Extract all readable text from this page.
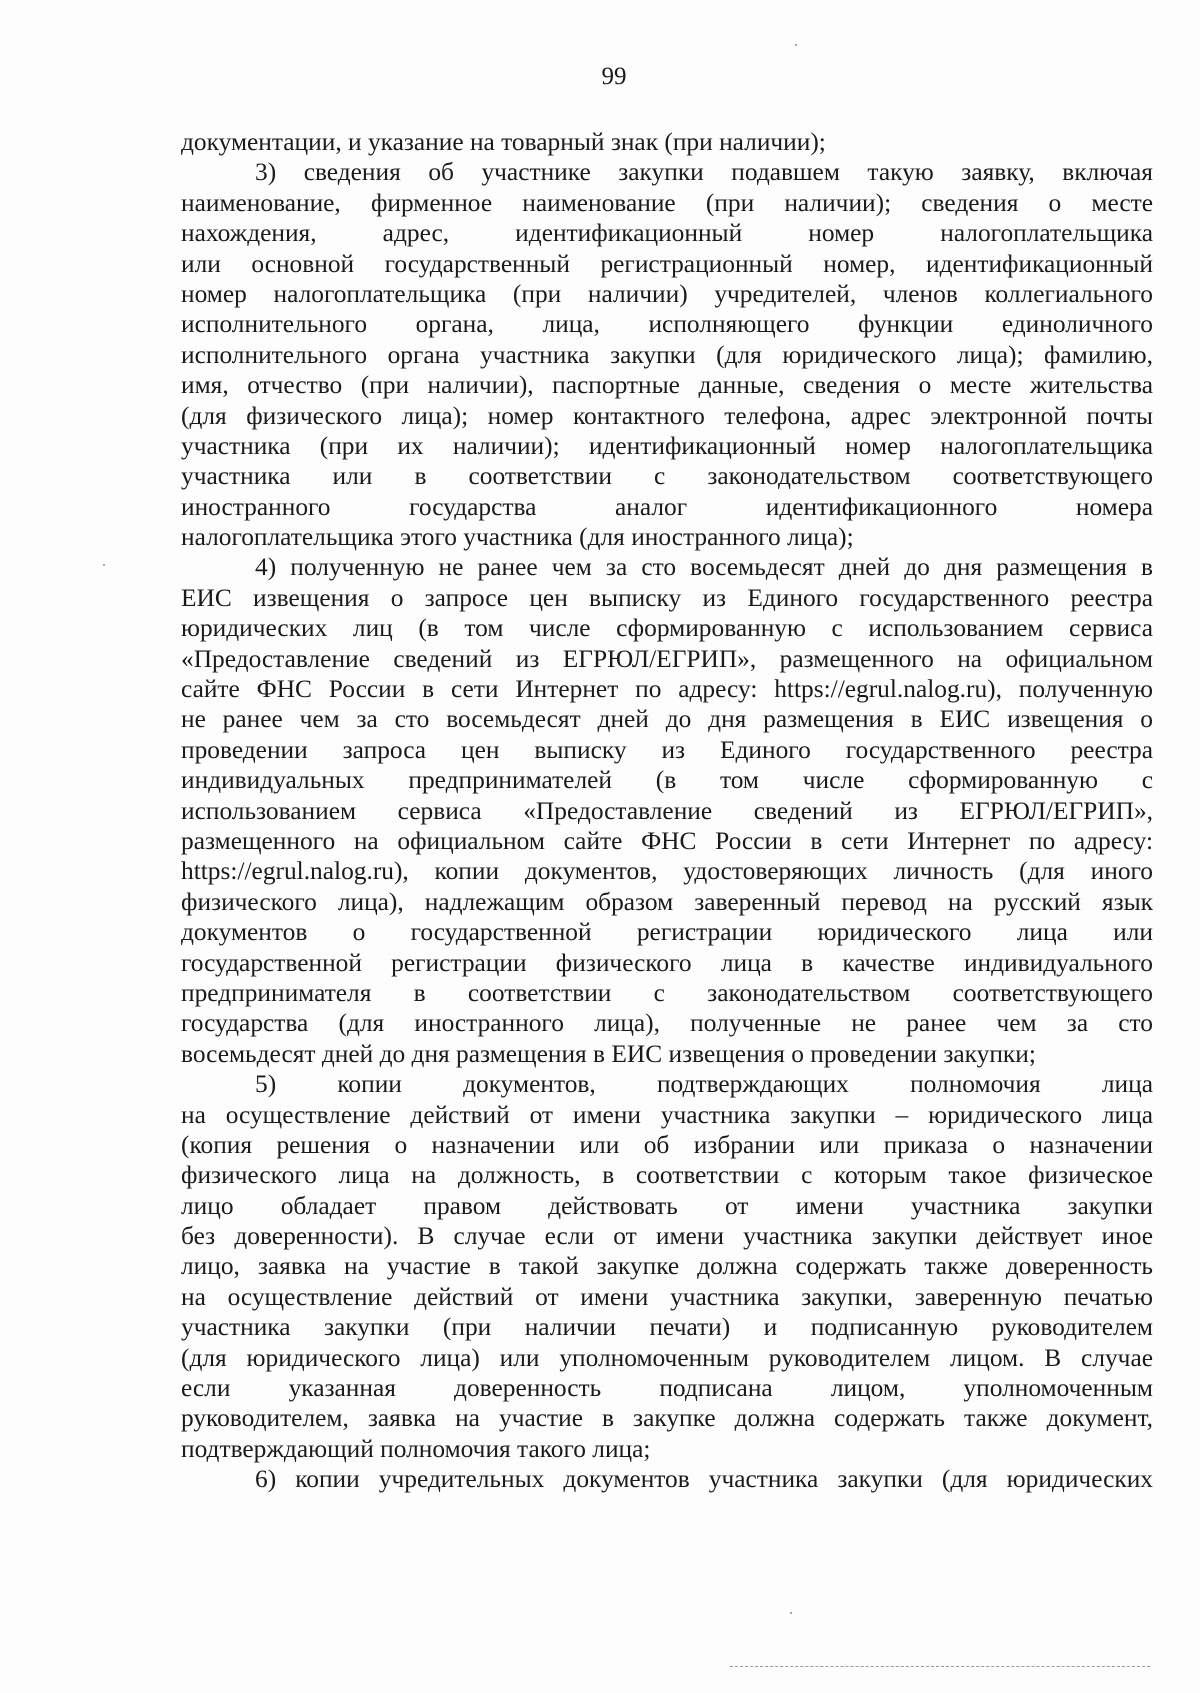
99
документации, и указание на товарный знак (при наличии);
3) сведения об участнике закупки подавшем такую заявку, включая
наименование, фирменное наименование (при наличии); сведения о месте
нахождения, адрес, идентификационный номер налогоплательщика
или основной государственный регистрационный номер, идентификационный
номер налогоплательщика (при наличии) учредителей, членов коллегиального
исполнительного органа, лица, исполняющего функции единоличного
исполнительного органа участника закупки (для юридического лица); фамилию,
имя, отчество (при наличии), паспортные данные, сведения о месте жительства
(для физического лица); номер контактного телефона, адрес электронной почты
участника (при их наличии); идентификационный номер налогоплательщика
участника или в соответствии с законодательством соответствующего
иностранного государства аналог идентификационного номера
налогоплательщика этого участника (для иностранного лица);
4) полученную не ранее чем за сто восемьдесят дней до дня размещения в
ЕИС извещения о запросе цен выписку из Единого государственного реестра
юридических лиц (в том числе сформированную с использованием сервиса
«Предоставление сведений из ЕГРЮЛ/ЕГРИП», размещенного на официальном
сайте ФНС России в сети Интернет по адресу: https://egrul.nalog.ru), полученную
не ранее чем за сто восемьдесят дней до дня размещения в ЕИС извещения о
проведении запроса цен выписку из Единого государственного реестра
индивидуальных предпринимателей (в том числе сформированную с
использованием сервиса «Предоставление сведений из ЕГРЮЛ/ЕГРИП»,
размещенного на официальном сайте ФНС России в сети Интернет по адресу:
https://egrul.nalog.ru), копии документов, удостоверяющих личность (для иного
физического лица), надлежащим образом заверенный перевод на русский язык
документов о государственной регистрации юридического лица или
государственной регистрации физического лица в качестве индивидуального
предпринимателя в соответствии с законодательством соответствующего
государства (для иностранного лица), полученные не ранее чем за сто
восемьдесят дней до дня размещения в ЕИС извещения о проведении закупки;
5) копии документов, подтверждающих полномочия лица
на осуществление действий от имени участника закупки – юридического лица
(копия решения о назначении или об избрании или приказа о назначении
физического лица на должность, в соответствии с которым такое физическое
лицо обладает правом действовать от имени участника закупки
без доверенности). В случае если от имени участника закупки действует иное
лицо, заявка на участие в такой закупке должна содержать также доверенность
на осуществление действий от имени участника закупки, заверенную печатью
участника закупки (при наличии печати) и подписанную руководителем
(для юридического лица) или уполномоченным руководителем лицом. В случае
если указанная доверенность подписана лицом, уполномоченным
руководителем, заявка на участие в закупке должна содержать также документ,
подтверждающий полномочия такого лица;
6) копии учредительных документов участника закупки (для юридических
